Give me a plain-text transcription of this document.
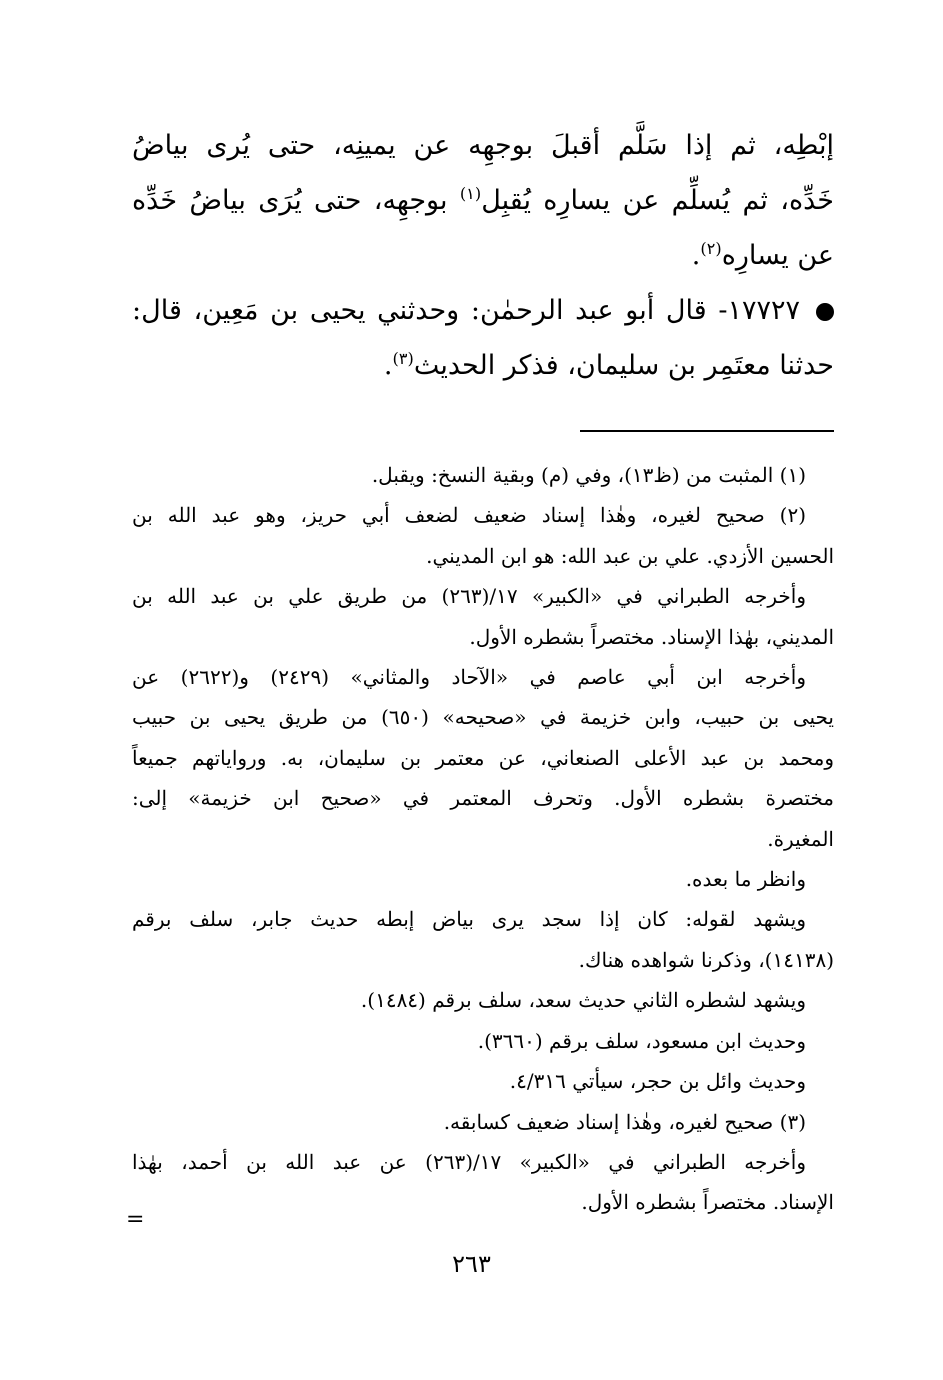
إبْطِه، ثم إذا سَلَّم أقبلَ بوجهِه عن يمينِه، حتى يُرى بياضُ
خَدِّه، ثم يُسلِّم عن يسارِه يُقبِل$^{(١)}$ بوجهِه، حتى يُرَى بياضُ خَدِّه
عن يسارِه$^{(٢)}$.
١٧٧٢٧- قال أبو عبد الرحمٰن: وحدثني يحيى بن مَعِين، قال:
حدثنا معتَمِر بن سليمان، فذكر الحديث$^{(٣)}$.

(١) المثبت من (ظ١٣)، وفي (م) وبقية النسخ: ويقبل.

(٢) صحيح لغيره، وهٰذا إسناد ضعيف لضعف أبي حريز، وهو عبد الله بن

الحسين الأزدي. علي بن عبد الله: هو ابن المديني.

وأخرجه الطبراني في «الكبير» ١٧/(٢٦٣) من طريق علي بن عبد الله بن

المديني، بهٰذا الإسناد. مختصراً بشطره الأول.

وأخرجه ابن أبي عاصم في «الآحاد والمثاني» (٢٤٢٩) و(٢٦٢٢) عن

يحيى بن حبيب، وابن خزيمة في «صحيحه» (٦٥٠) من طريق يحيى بن حبيب

ومحمد بن عبد الأعلى الصنعاني، عن معتمر بن سليمان، به. ورواياتهم جميعاً

مختصرة بشطره الأول. وتحرف المعتمر في «صحيح ابن خزيمة» إلى:

المغيرة.

وانظر ما بعده.

ويشهد لقوله: كان إذا سجد يرى بياض إبطه حديث جابر، سلف برقم

(١٤١٣٨)، وذكرنا شواهده هناك.

ويشهد لشطره الثاني حديث سعد، سلف برقم (١٤٨٤).

وحديث ابن مسعود، سلف برقم (٣٦٦٠).

وحديث وائل بن حجر، سيأتي ٤/٣١٦.

(٣) صحيح لغيره، وهٰذا إسناد ضعيف كسابقه.

وأخرجه الطبراني في «الكبير» ١٧/(٢٦٣) عن عبد الله بن أحمد، بهٰذا

الإسناد. مختصراً بشطره الأول.

=
٢٦٣
